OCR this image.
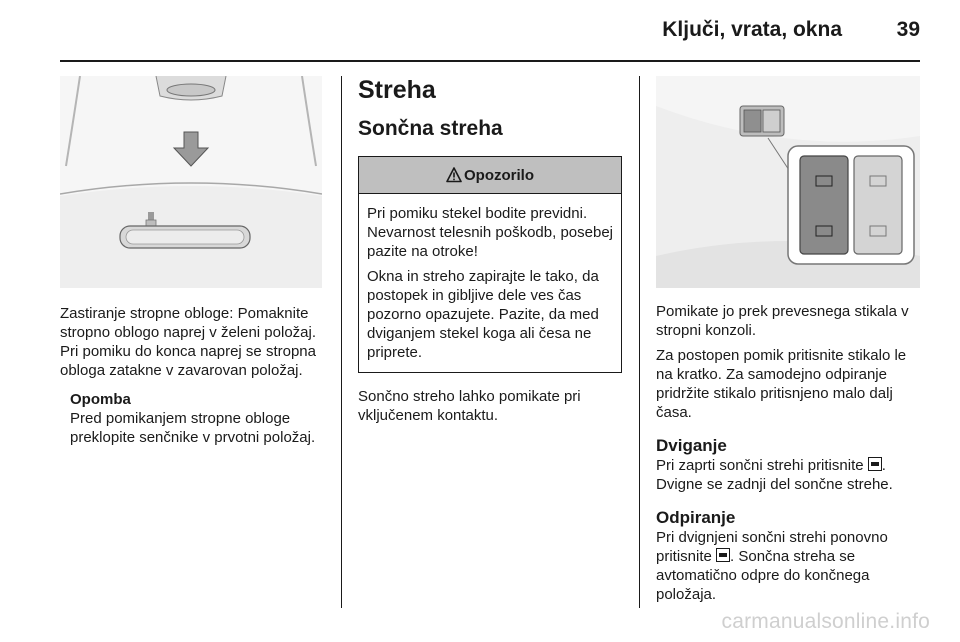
Ključi, vrata, okna	39

Zastiranje stropne obloge: Pomaknite stropno oblogo naprej v želeni položaj. Pri pomiku do konca naprej se stropna obloga zatakne v zavarovan položaj.

Opomba

Pred pomikanjem stropne obloge preklopite senčnike v prvotni položaj.

Streha
Sončna streha
Opozorilo

Pri pomiku stekel bodite previdni. Nevarnost telesnih poškodb, posebej pazite na otroke!

Okna in streho zapirajte le tako, da postopek in gibljive dele ves čas pozorno opazujete. Pazite, da med dviganjem stekel koga ali česa ne priprete.

Sončno streho lahko pomikate pri vključenem kontaktu.

Pomikate jo prek prevesnega stikala v stropni konzoli.

Za postopen pomik pritisnite stikalo le na kratko. Za samodejno odpiranje pridržite stikalo pritisnjeno malo dalj časa.

Dviganje

Pri zaprti sončni strehi pritisnite . Dvigne se zadnji del sončne strehe.

Odpiranje

Pri dvignjeni sončni strehi ponovno pritisnite . Sončna streha se avtomatično odpre do končnega položaja.

carmanualsonline.info
